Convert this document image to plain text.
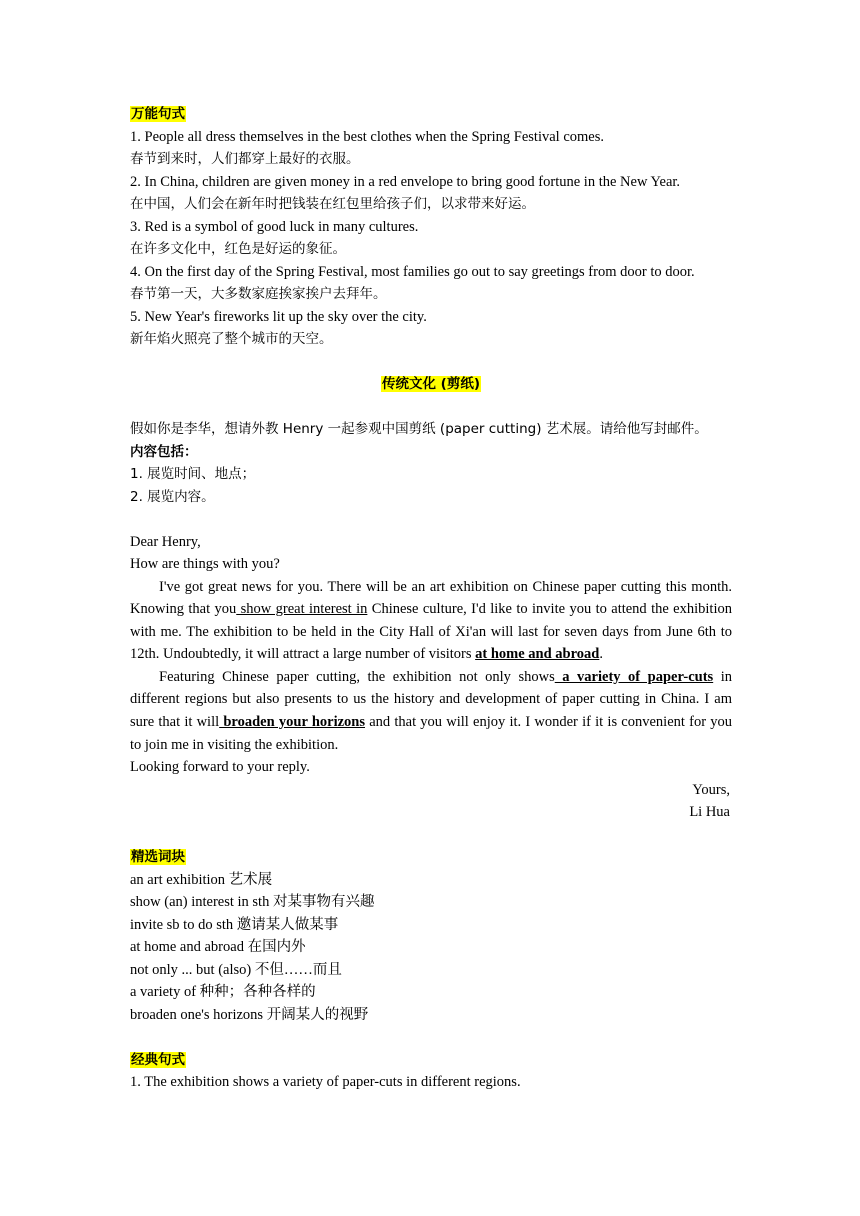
万能句式
1. People all dress themselves in the best clothes when the Spring Festival comes.
春节到来时，人们都穿上最好的衣服。
2. In China, children are given money in a red envelope to bring good fortune in the New Year.
在中国，人们会在新年时把钱装在红包里给孩子们，以求带来好运。
3. Red is a symbol of good luck in many cultures.
在许多文化中，红色是好运的象征。
4. On the first day of the Spring Festival, most families go out to say greetings from door to door.
春节第一天，大多数家庭挨家挨户去拜年。
5. New Year's fireworks lit up the sky over the city.
新年焰火照亮了整个城市的天空。
传统文化 (剪纸)
假如你是李华，想请外教 Henry 一起参观中国剪纸 (paper cutting) 艺术展。请给他写封邮件。
内容包括：
1. 展览时间、地点；
2. 展览内容。
Dear Henry,
How are things with you?
I've got great news for you. There will be an art exhibition on Chinese paper cutting this month. Knowing that you show great interest in Chinese culture, I'd like to invite you to attend the exhibition with me. The exhibition to be held in the City Hall of Xi'an will last for seven days from June 6th to 12th. Undoubtedly, it will attract a large number of visitors at home and abroad.
Featuring Chinese paper cutting, the exhibition not only shows a variety of paper-cuts in different regions but also presents to us the history and development of paper cutting in China. I am sure that it will broaden your horizons and that you will enjoy it. I wonder if it is convenient for you to join me in visiting the exhibition.
Looking forward to your reply.
Yours,
Li Hua
精选词块
an art exhibition 艺术展
show (an) interest in sth 对某事物有兴趣
invite sb to do sth 邀请某人做某事
at home and abroad 在国内外
not only ... but (also) 不但……而且
a variety of 种种；各种各样的
broaden one's horizons 开阔某人的视野
经典句式
1. The exhibition shows a variety of paper-cuts in different regions.
